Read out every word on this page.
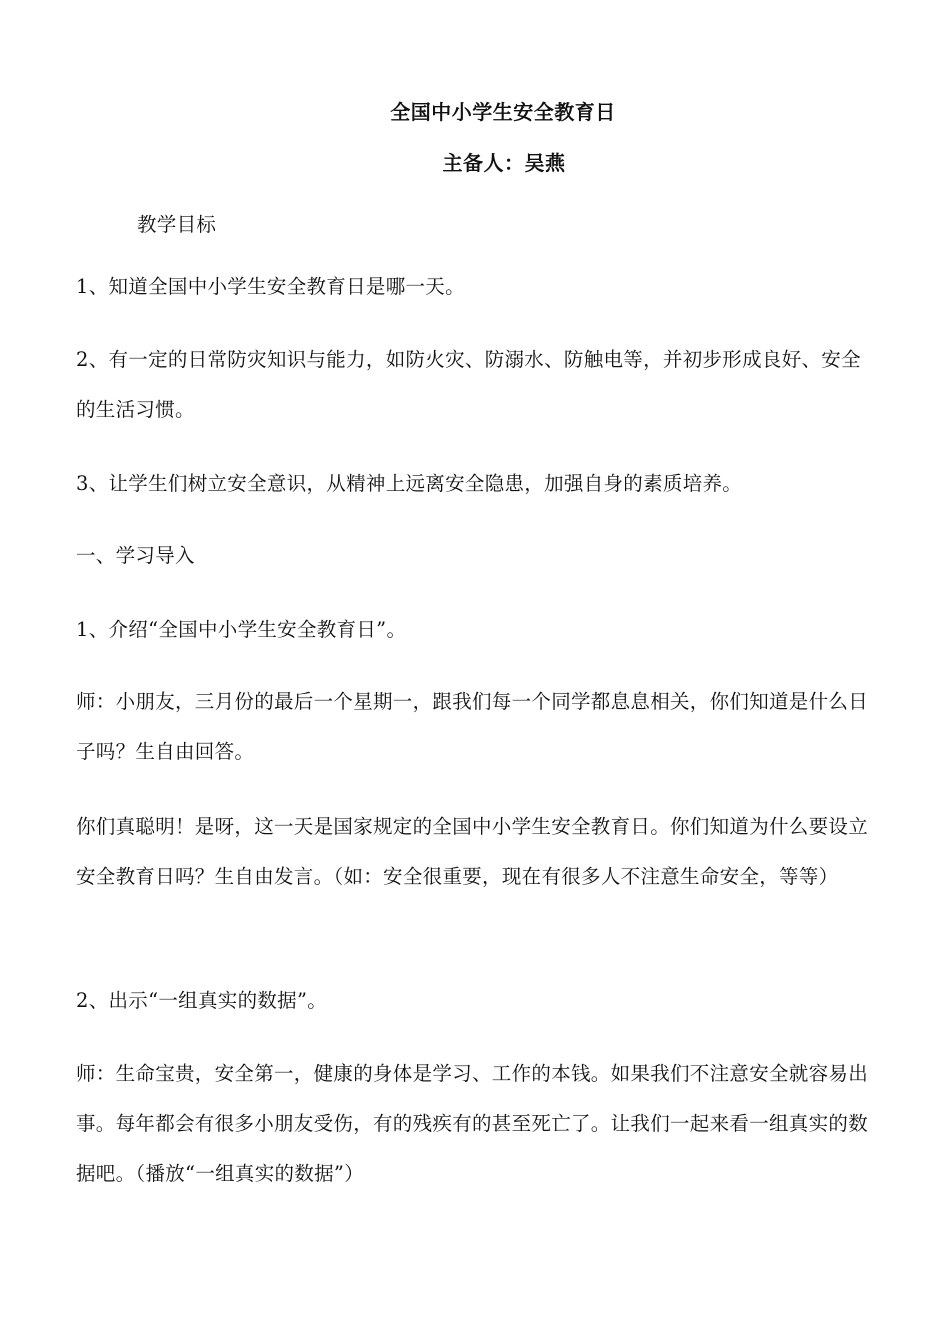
全国中小学生安全教育日
主备人：吴燕
教学目标
1、知道全国中小学生安全教育日是哪一天。
2、有一定的日常防灾知识与能力，如防火灾、防溺水、防触电等，并初步形成良好、安全的生活习惯。
3、让学生们树立安全意识，从精神上远离安全隐患，加强自身的素质培养。
一、学习导入
1、介绍“全国中小学生安全教育日”。
师：小朋友，三月份的最后一个星期一，跟我们每一个同学都息息相关，你们知道是什么日子吗？生自由回答。
你们真聪明！是呀，这一天是国家规定的全国中小学生安全教育日。你们知道为什么要设立安全教育日吗？生自由发言。（如：安全很重要，现在有很多人不注意生命安全，等等）
2、出示“一组真实的数据”。
师：生命宝贵，安全第一，健康的身体是学习、工作的本钱。如果我们不注意安全就容易出事。每年都会有很多小朋友受伤，有的残疾有的甚至死亡了。让我们一起来看一组真实的数据吧。（播放“一组真实的数据”）
